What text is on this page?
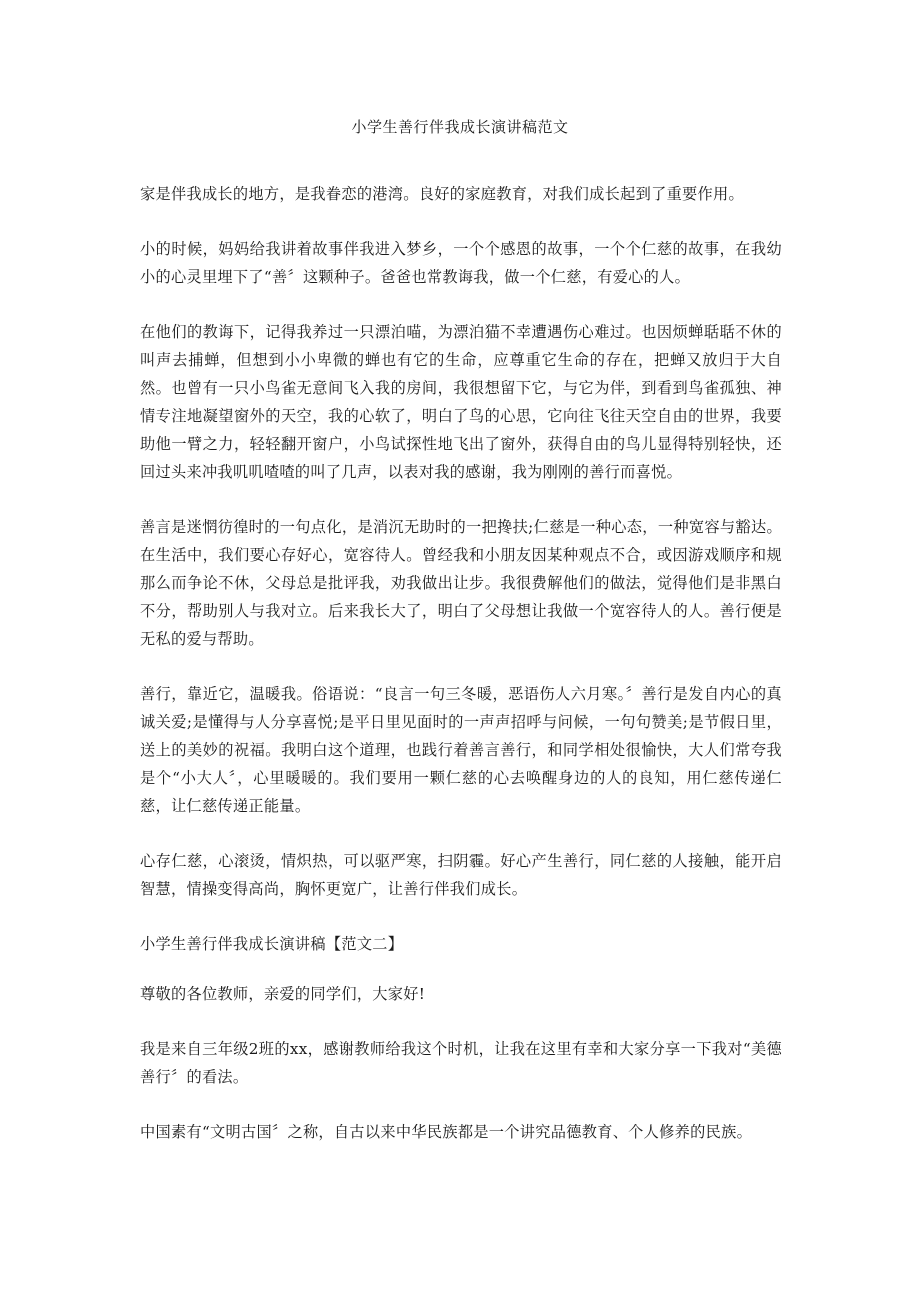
小学生善行伴我成长演讲稿范文

家是伴我成长的地方，是我眷恋的港湾。良好的家庭教育，对我们成长起到了重要作用。

小的时候，妈妈给我讲着故事伴我进入梦乡，一个个感恩的故事，一个个仁慈的故事，在我幼小的心灵里埋下了“善〞这颗种子。爸爸也常教诲我，做一个仁慈，有爱心的人。

在他们的教诲下，记得我养过一只漂泊喵，为漂泊猫不幸遭遇伤心难过。也因烦蝉聒聒不休的叫声去捕蝉，但想到小小卑微的蝉也有它的生命，应尊重它生命的存在，把蝉又放归于大自然。也曾有一只小鸟雀无意间飞入我的房间，我很想留下它，与它为伴，到看到鸟雀孤独、神情专注地凝望窗外的天空，我的心软了，明白了鸟的心思，它向往飞往天空自由的世界，我要助他一臂之力，轻轻翻开窗户，小鸟试探性地飞出了窗外，获得自由的鸟儿显得特别轻快，还回过头来冲我叽叽喳喳的叫了几声，以表对我的感谢，我为刚刚的善行而喜悦。

善言是迷惘彷徨时的一句点化，是消沉无助时的一把搀扶;仁慈是一种心态，一种宽容与豁达。在生活中，我们要心存好心，宽容待人。曾经我和小朋友因某种观点不合，或因游戏顺序和规那么而争论不休，父母总是批评我，劝我做出让步。我很费解他们的做法，觉得他们是非黑白不分，帮助别人与我对立。后来我长大了，明白了父母想让我做一个宽容待人的人。善行便是无私的爱与帮助。

善行，靠近它，温暖我。俗语说：“良言一句三冬暖，恶语伤人六月寒。〞善行是发自内心的真诚关爱;是懂得与人分享喜悦;是平日里见面时的一声声招呼与问候，一句句赞美;是节假日里，送上的美妙的祝福。我明白这个道理，也践行着善言善行，和同学相处很愉快，大人们常夸我是个“小大人〞，心里暖暖的。我们要用一颗仁慈的心去唤醒身边的人的良知，用仁慈传递仁慈，让仁慈传递正能量。

心存仁慈，心滚烫，情炽热，可以驱严寒，扫阴霾。好心产生善行，同仁慈的人接触，能开启智慧，情操变得高尚，胸怀更宽广，让善行伴我们成长。

小学生善行伴我成长演讲稿【范文二】

尊敬的各位教师，亲爱的同学们，大家好!

我是来自三年级2班的xx，感谢教师给我这个时机，让我在这里有幸和大家分享一下我对“美德善行〞的看法。

中国素有“文明古国〞之称，自古以来中华民族都是一个讲究品德教育、个人修养的民族。
